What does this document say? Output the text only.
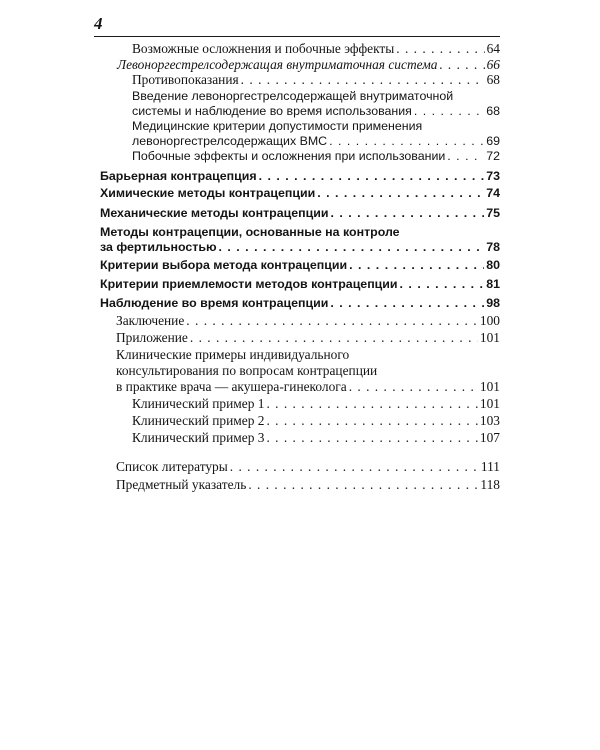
4
Возможные осложнения и побочные эффекты . . .	64
Левоноргестрелсодержащая внутриматочная система . . .	66
Противопоказания . . .	68
Введение левоноргестрелсодержащей внутриматочной
системы и наблюдение во время использования . . .	68
Медицинские критерии допустимости применения
левоноргестрелсодержащих ВМС . . .	69
Побочные эффекты и осложнения при использовании . . .	72
Барьерная контрацепция . . .	73
Химические методы контрацепции . . .	74
Механические методы контрацепции . . .	75
Методы контрацепции, основанные на контроле
за фертильностью . . .	78
Критерии выбора метода контрацепции . . .	80
Критерии приемлемости методов контрацепции . . .	81
Наблюдение во время контрацепции . . .	98
Заключение . . .	100
Приложение . . .	101
Клинические примеры индивидуального
консультирования по вопросам контрацепции
в практике врача — акушера-гинеколога . . .	101
Клинический пример 1 . . .	101
Клинический пример 2 . . .	103
Клинический пример 3 . . .	107
Список литературы . . .	111
Предметный указатель . . .	118
